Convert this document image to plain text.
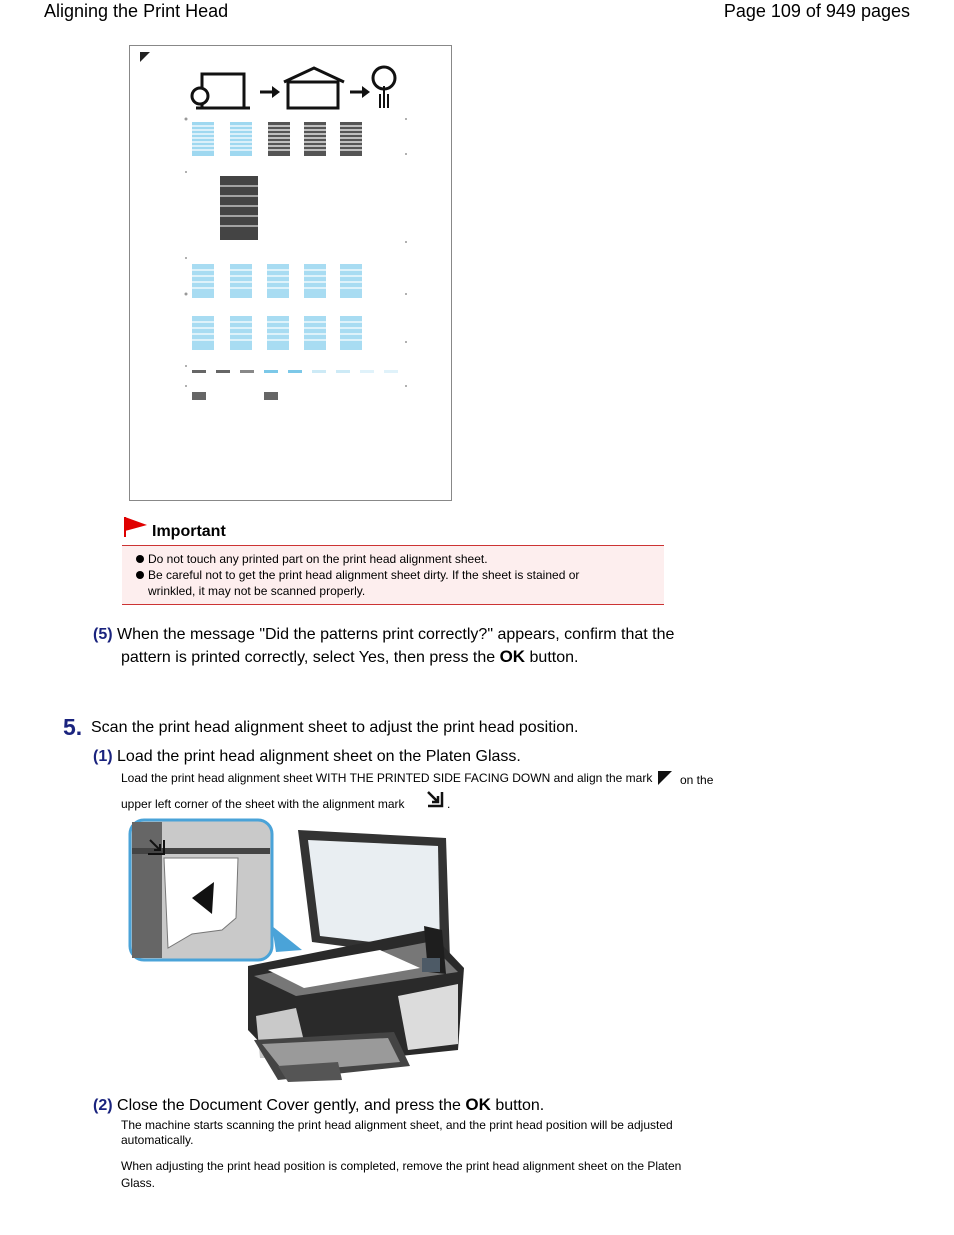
Aligning the Print Head	Page 109 of 949 pages
Important
Do not touch any printed part on the print head alignment sheet.
Be careful not to get the print head alignment sheet dirty. If the sheet is stained or
wrinkled, it may not be scanned properly.
(5) When the message "Did the patterns print correctly?" appears, confirm that the
pattern is printed correctly, select Yes, then press the OK button.
5. Scan the print head alignment sheet to adjust the print head position.
(1) Load the print head alignment sheet on the Platen Glass.
Load the print head alignment sheet WITH THE PRINTED SIDE FACING DOWN and align the mark on the
upper left corner of the sheet with the alignment mark	.
(2) Close the Document Cover gently, and press the OK button.
The machine starts scanning the print head alignment sheet, and the print head position will be adjusted
automatically.
When adjusting the print head position is completed, remove the print head alignment sheet on the Platen
Glass.
